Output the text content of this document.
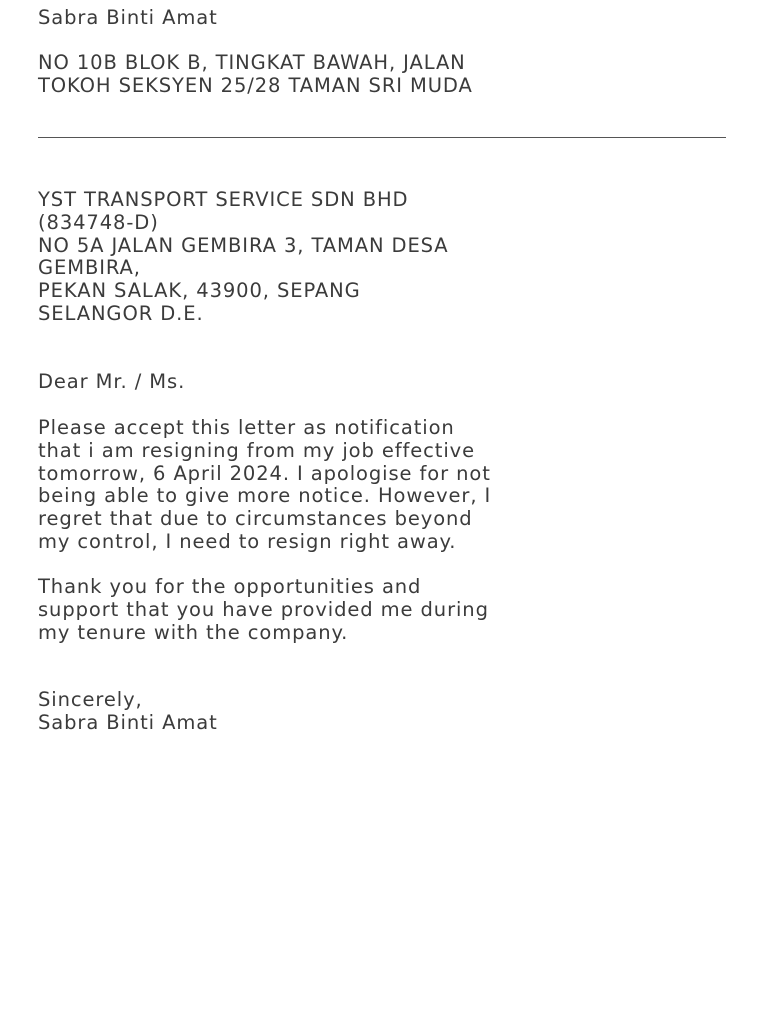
Sabra Binti Amat
NO 10B BLOK B, TINGKAT BAWAH, JALAN
TOKOH SEKSYEN 25/28 TAMAN SRI MUDA
YST TRANSPORT SERVICE SDN BHD
(834748-D)
NO 5A JALAN GEMBIRA 3, TAMAN DESA
GEMBIRA,
PEKAN SALAK, 43900, SEPANG
SELANGOR D.E.
Dear Mr. / Ms.
Please accept this letter as notification
that i am resigning from my job effective
tomorrow, 6 April 2024. I apologise for not
being able to give more notice. However, I
regret that due to circumstances beyond
my control, I need to resign right away.
Thank you for the opportunities and
support that you have provided me during
my tenure with the company.
Sincerely,
Sabra Binti Amat
